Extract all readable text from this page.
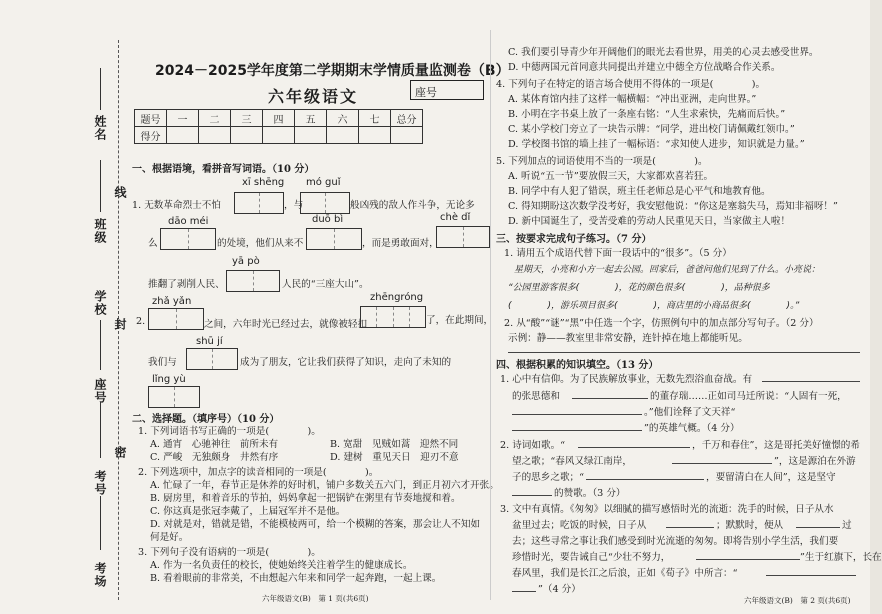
姓名
班级
线
学校
封
座号
密
考号
考场
2024－2025学年度第二学期期末学情质量监测卷（B）
六年级语文	座号
题号	一	二	三	四	五	六	七	总分
得分								
一、根据语境，看拼音写词语。（10 分）
xī shēng mó guǐ
1. 无数革命烈士不怕	，与	般凶残的敌人作斗争，无论多
dāo méi	duō bì	chè dǐ
么	的处境，他们从来不	，而是勇敢面对，
yā pò
推翻了剥削人民、	人民的“三座大山”。
zhǎ yǎn	zhēngróng
2.	之间，六年时光已经过去，就像被轻扣	了，在此期间，
shū jí
我们与	成为了朋友，它让我们获得了知识，走向了未知的
lǐng yù
二、选择题。（填序号）（10 分）
1. 下列词语书写正确的一项是(　　　　)。
A. 通宵　心驰神往　前所未有	B. 宽甜　见贼如蒿　迎然不同
C. 严峻　无独颇身　井然有序	D. 建树　重见天日　迎刃不意
2. 下列选项中，加点字的读音相同的一项是(　　　　)。
A. 忙碌了一年，春节正是休养的好时机，铺户多数关五六门，到正月初六才开张。
B. 厨房里，和着音乐的节拍，妈妈拿起一把锅铲在粥里有节奏地搅和着。
C. 你这真是张冠李戴了，上届冠军并不是他。
D. 对就是对，错就是错，不能模棱两可，给一个模糊的答案，那会让人不知如
何是好。
3. 下列句子没有语病的一项是(　　　　)。
A. 作为一名负责任的校长，使她始终关注着学生的健康成长。
B. 看着眼前的非常美，不由想起六年来和同学一起奔跑，一起上课。
六年级语文(B)　第 1 页(共6页)
C. 我们要引导青少年开阔他们的眼光去看世界，用美的心灵去感受世界。
D. 中德两国元首同意共同提出并建立中德全方位战略合作关系。
4. 下列句子在特定的语言场合使用不得体的一项是(　　　　)。
A. 某体育馆内挂了这样一幅横幅：“冲出亚洲，走向世界。”
B. 小明在字书桌上放了一条座右铭：“人生求索快，先痛而后快。”
C. 某小学校门旁立了一块告示牌：“同学，进出校门请佩戴红领巾。”
D. 学校图书馆的墙上挂了一幅标语：“求知使人进步，知识就是力量。”
5. 下列加点的词语使用不当的一项是(　　　　)。
A. 听说“五一节”要放假三天，大家都欢喜若狂。
B. 同学中有人犯了错误，班主任老师总是心平气和地教育他。
C. 得知期盼这次数学没考好，我安慰他说：“你这是塞翁失马，焉知非福呀！”
D. 新中国诞生了，受苦受难的劳动人民重见天日，当家做主人啦！
三、按要求完成句子练习。（7 分）
1. 请用五个成语代替下面一段话中的“很多”。（5 分）
星期天，小亮和小方一起去公园。回家后，爸爸问他们见到了什么。小亮说：
“公园里游客很多(　　　　)，花的颜色很多(　　　　)，品种很多
(　　　　)，游乐项目很多(　　　　)，商店里的小商品很多(　　　　)。”
2. 从“酸”“谜”“黑”中任选一个字，仿照例句中的加点部分写句子。（2 分）
示例：静——教室里非常安静，连针掉在地上都能听见。
四、根据积累的知识填空。（13 分）
1. 心中有信仰。为了民族解放事业，无数先烈浴血奋战。有
的张思德和	的董存瑞……正如司马迁所说：“人固有一死，
。”他们诠释了文天祥“
”的英雄气概。（4 分）
2. 诗词如歌。“	，千万和春住”，这是哥托美好憧憬的希
望之歌；“春风又绿江南岸，	”，这是源泊在外游
子的思乡之歌；“	，要留清白在人间”，这是坚守
的赞歌。（3 分）
3. 文中有真情。《匆匆》以细腻的描写感悟时光的流逝：洗手的时候，日子从水
盆里过去；吃饭的时候，日子从	；默默时，便从	过
去；这些寻常之事让我们感受到时光流逝的匆匆。即将告别小学生活，我们要
珍惜时光，要告诫自己“少壮不努力，	”生于红旗下，长在
春风里，我们是长江之后浪，正如《荀子》中所言：“
”（4 分）
六年级语文(B)　第 2 页(共6页)
